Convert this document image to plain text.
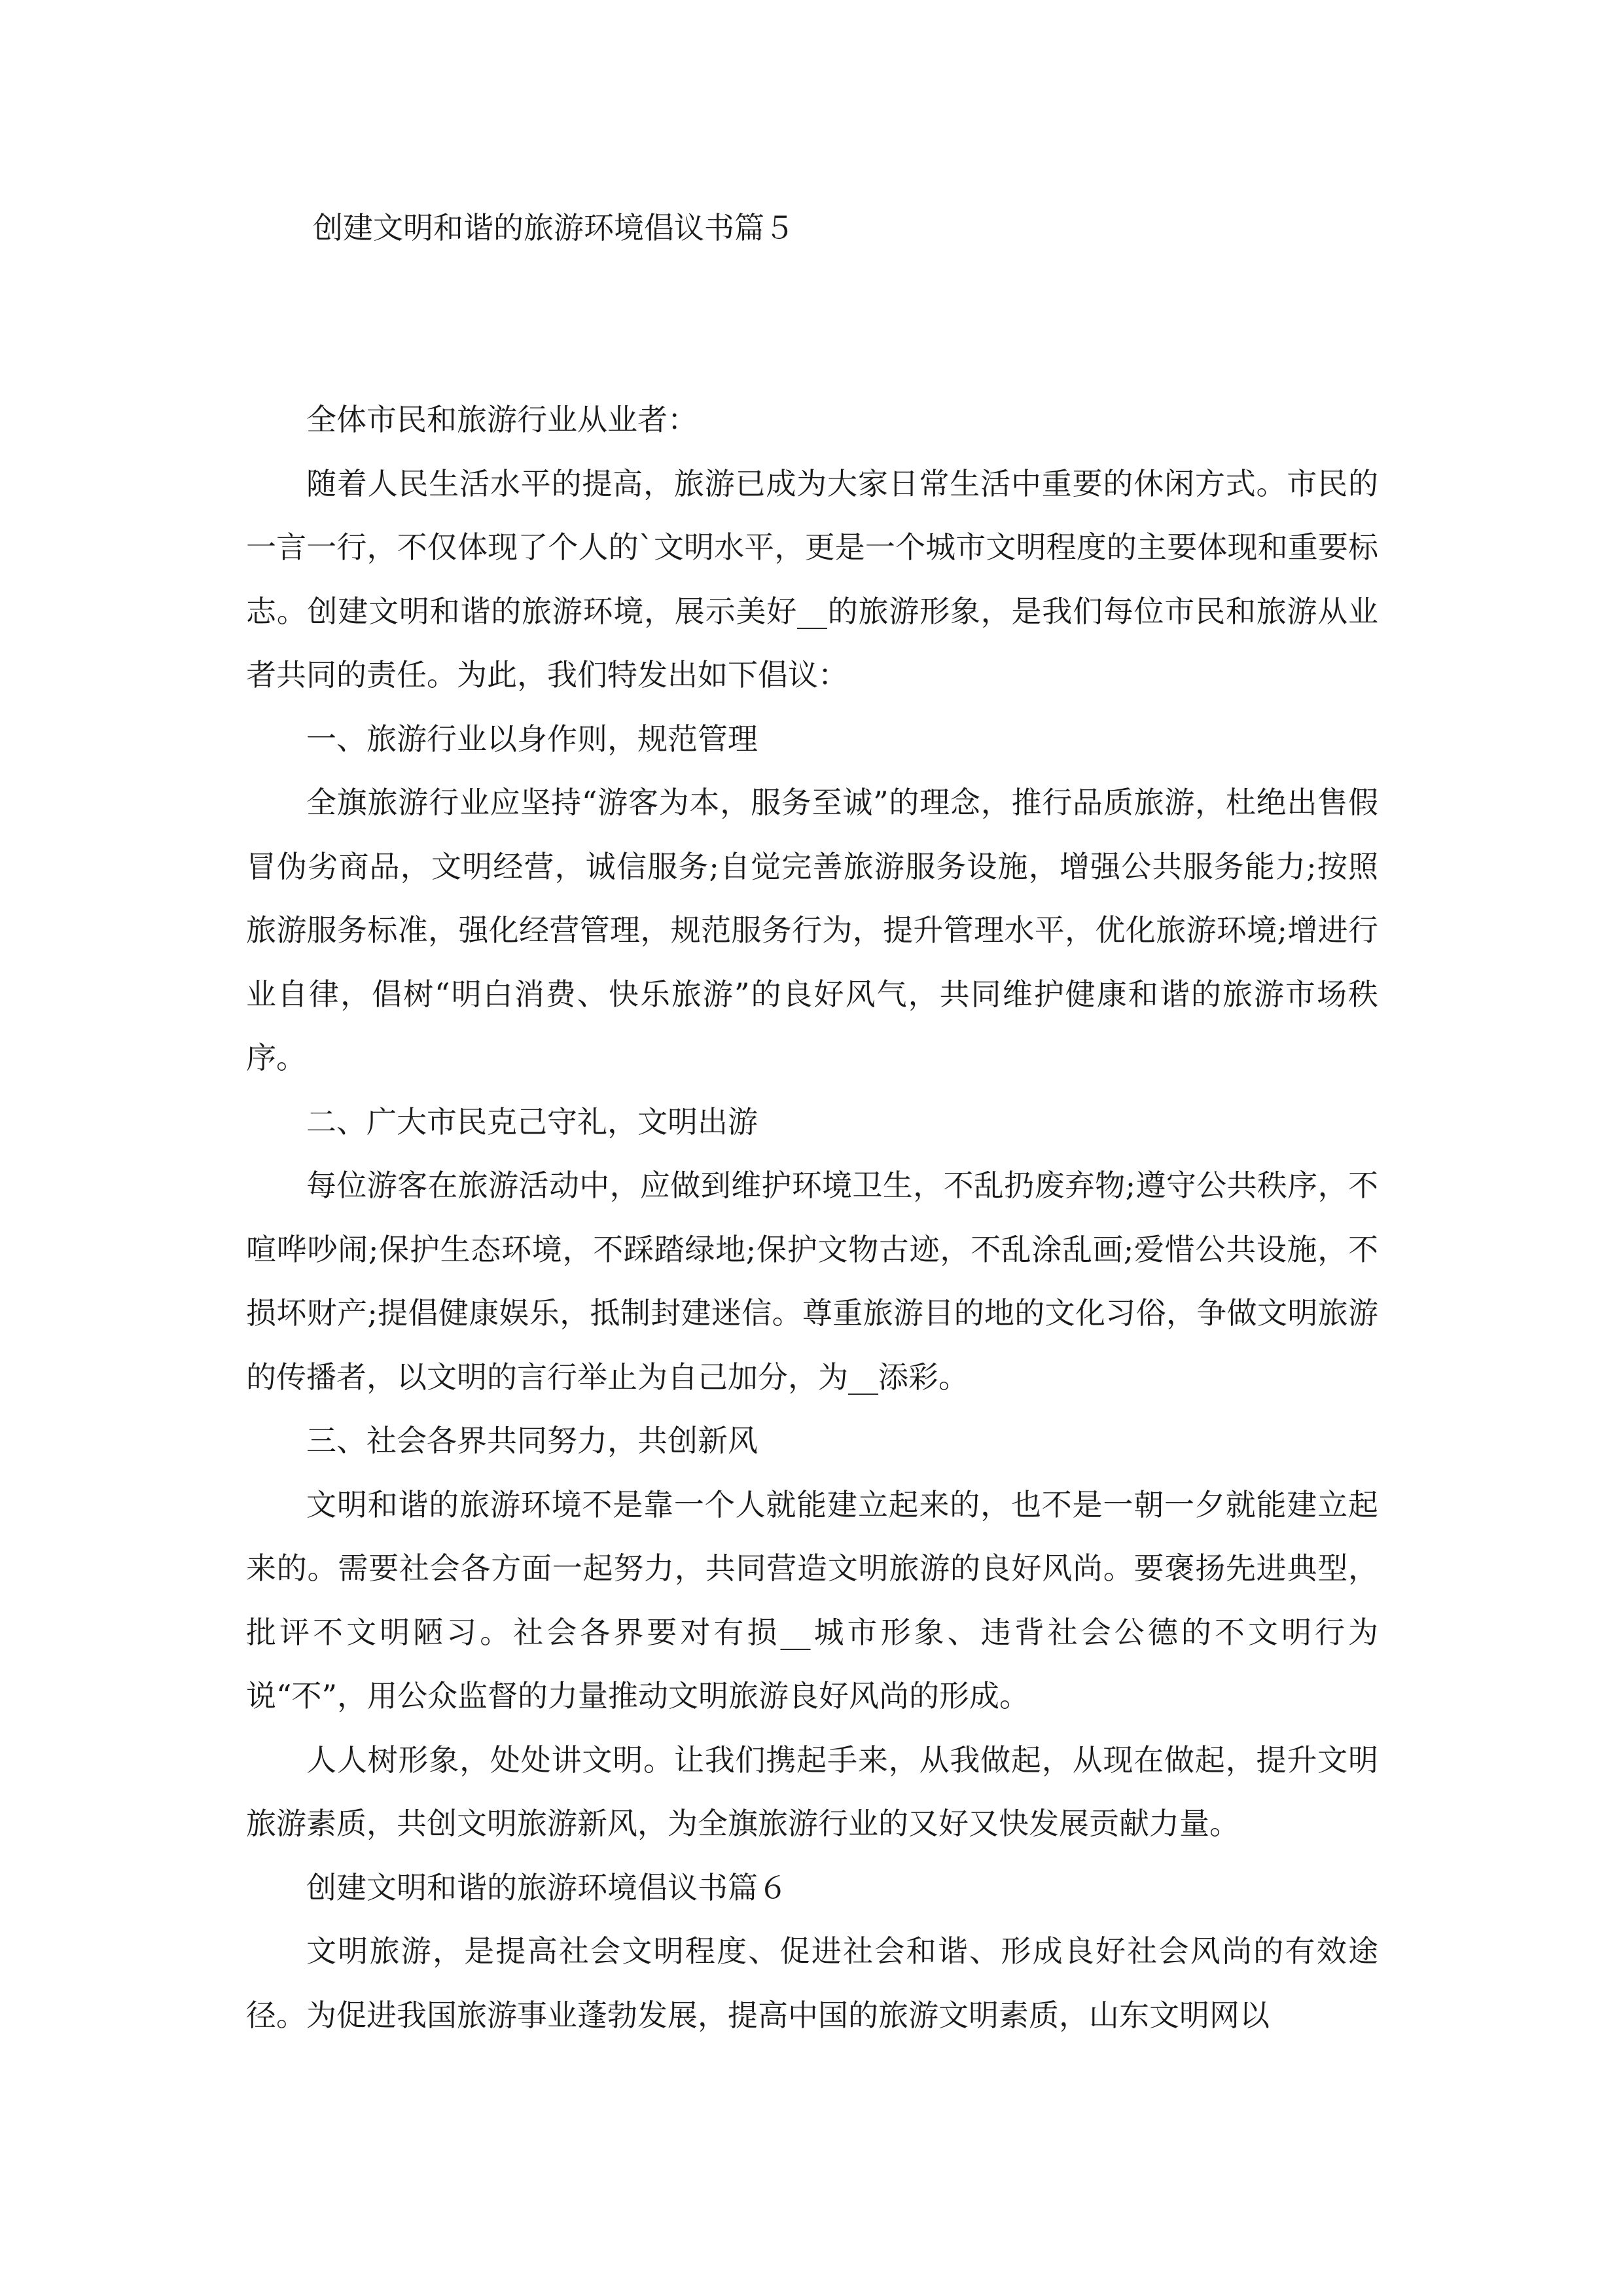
创建文明和谐的旅游环境倡议书篇５

全体市民和旅游行业从业者：

随着人民生活水平的提高，旅游已成为大家日常生活中重要的休闲方式。市民的一言一行，不仅体现了个人的`文明水平，更是一个城市文明程度的主要体现和重要标志。创建文明和谐的旅游环境，展示美好__的旅游形象，是我们每位市民和旅游从业者共同的责任。为此，我们特发出如下倡议：

一、旅游行业以身作则，规范管理

全旗旅游行业应坚持“游客为本，服务至诚”的理念，推行品质旅游，杜绝出售假冒伪劣商品，文明经营，诚信服务;自觉完善旅游服务设施，增强公共服务能力;按照旅游服务标准，强化经营管理，规范服务行为，提升管理水平，优化旅游环境;增进行业自律，倡树“明白消费、快乐旅游”的良好风气，共同维护健康和谐的旅游市场秩序。

二、广大市民克己守礼，文明出游

每位游客在旅游活动中，应做到维护环境卫生，不乱扔废弃物;遵守公共秩序，不喧哗吵闹;保护生态环境，不踩踏绿地;保护文物古迹，不乱涂乱画;爱惜公共设施，不损坏财产;提倡健康娱乐，抵制封建迷信。尊重旅游目的地的文化习俗，争做文明旅游的传播者，以文明的言行举止为自己加分，为__添彩。

三、社会各界共同努力，共创新风

文明和谐的旅游环境不是靠一个人就能建立起来的，也不是一朝一夕就能建立起来的。需要社会各方面一起努力，共同营造文明旅游的良好风尚。要褒扬先进典型，批评不文明陋习。社会各界要对有损__城市形象、违背社会公德的不文明行为说“不”，用公众监督的力量推动文明旅游良好风尚的形成。

人人树形象，处处讲文明。让我们携起手来，从我做起，从现在做起，提升文明旅游素质，共创文明旅游新风，为全旗旅游行业的又好又快发展贡献力量。

创建文明和谐的旅游环境倡议书篇６

文明旅游，是提高社会文明程度、促进社会和谐、形成良好社会风尚的有效途径。为促进我国旅游事业蓬勃发展，提高中国的旅游文明素质，山东文明网以
